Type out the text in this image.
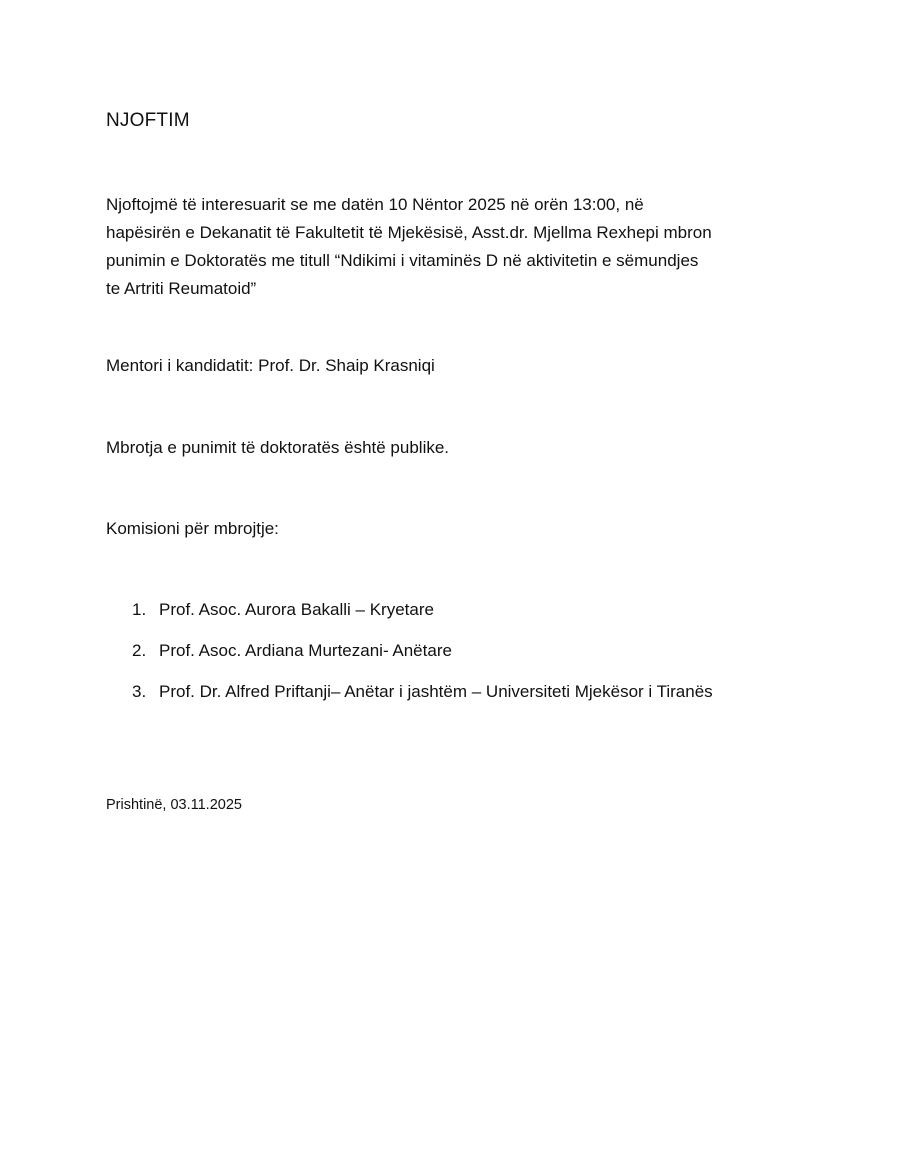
NJOFTIM
Njoftojmë të interesuarit se me datën 10 Nëntor 2025 në orën 13:00, në
hapësirën e Dekanatit të Fakultetit të Mjekësisë, Asst.dr. Mjellma Rexhepi mbron
punimin e Doktoratës me titull “Ndikimi i vitaminës D në aktivitetin e sëmundjes
te Artriti Reumatoid”
Mentori i kandidatit: Prof. Dr. Shaip Krasniqi
Mbrotja e punimit të doktoratës është publike.
Komisioni për mbrojtje:
1. Prof. Asoc. Aurora Bakalli – Kryetare
2. Prof. Asoc. Ardiana Murtezani- Anëtare
3. Prof. Dr. Alfred Priftanji– Anëtar i jashtëm – Universiteti Mjekësor i Tiranës
Prishtinë, 03.11.2025
